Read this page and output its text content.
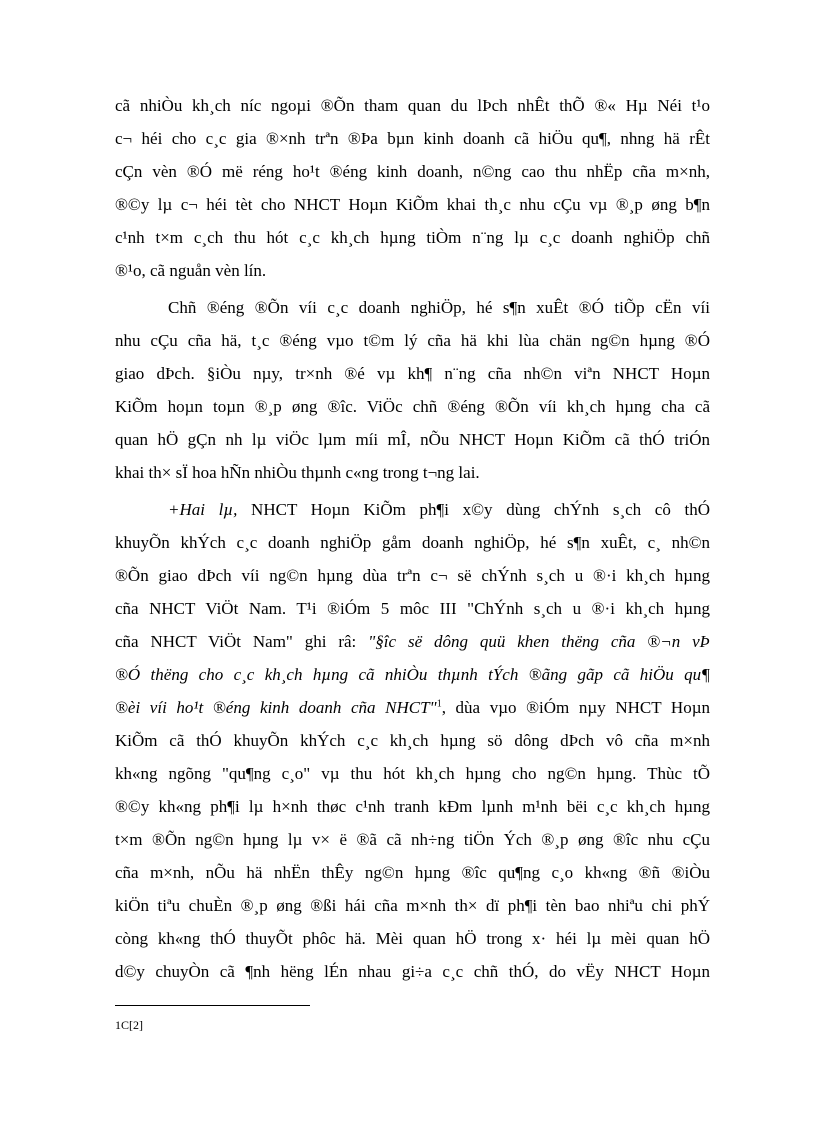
cã nhiÒu kh¸ch níc ngoµi ®Õn tham quan du lÞch nhÊt thÕ ®« Hµ Néi t¹o
c¬ héi cho c¸c gia ®×nh trªn ®Þa bµn kinh doanh cã hiÖu qu¶, nhng hä rÊt
cÇn vèn ®Ó më réng ho¹t ®éng kinh doanh, n©ng cao thu nhËp cña m×nh,
®©y lµ c¬ héi tèt cho NHCT Hoµn KiÕm khai th¸c nhu cÇu vµ ®¸p øng b¶n
c¹nh t×m c¸ch thu hót c¸c kh¸ch hµng tiÒm n¨ng lµ c¸c doanh nghiÖp chñ
®¹o, cã nguån vèn lín.
Chñ ®éng ®Õn víi c¸c doanh nghiÖp, hé s¶n xuÊt ®Ó tiÕp cËn víi
nhu cÇu cña hä, t¸c ®éng vµo t©m lý cña hä khi lùa chän ng©n hµng ®Ó
giao dÞch. §iÒu nµy, tr×nh ®é vµ kh¶ n¨ng cña nh©n viªn NHCT Hoµn
KiÕm hoµn toµn ®¸p øng ®îc. ViÖc chñ ®éng ®Õn víi kh¸ch hµng cha cã
quan hÖ gÇn nh lµ viÖc lµm míi mÎ, nÕu NHCT Hoµn KiÕm cã thÓ triÓn
khai th× sÏ hoa hÑn nhiÒu thµnh c«ng trong t¬ng lai.
+Hai lµ, NHCT Hoµn KiÕm ph¶i x©y dùng chÝnh s¸ch cô thÓ
khuyÕn khÝch c¸c doanh nghiÖp gåm doanh nghiÖp, hé s¶n xuÊt, c¸ nh©n
®Õn giao dÞch víi ng©n hµng dùa trªn c¬ së chÝnh s¸ch u ®·i kh¸ch hµng
cña NHCT ViÖt Nam. T¹i ®iÓm 5 môc III "ChÝnh s¸ch u ®·i kh¸ch hµng
cña NHCT ViÖt Nam" ghi râ: "§îc së dông quü khen thëng cña ®¬n vÞ
®Ó thëng cho c¸c kh¸ch hµng cã nhiÒu thµnh tÝch ®ãng gãp cã hiÖu qu¶
®èi víi ho¹t ®éng kinh doanh cña NHCT"$^1$, dùa vµo ®iÓm nµy NHCT Hoµn
KiÕm cã thÓ khuyÕn khÝch c¸c kh¸ch hµng sö dông dÞch vô cña m×nh
kh«ng ngõng "qu¶ng c¸o" vµ thu hót kh¸ch hµng cho ng©n hµng. Thùc tÕ
®©y kh«ng ph¶i lµ h×nh thøc c¹nh tranh kÐm lµnh m¹nh bëi c¸c kh¸ch hµng
t×m ®Õn ng©n hµng lµ v× ë ®ã cã nh÷ng tiÖn Ých ®¸p øng ®îc nhu cÇu
cña m×nh, nÕu hä nhËn thÊy ng©n hµng ®îc qu¶ng c¸o kh«ng ®ñ ®iÒu
kiÖn tiªu chuÈn ®¸p øng ®ßi hái cña m×nh th× dï ph¶i tèn bao nhiªu chi phÝ
còng kh«ng thÓ thuyÕt phôc hä. Mèi quan hÖ trong x· héi lµ mèi quan hÖ
d©y chuyÒn cã ¶nh hëng lÉn nhau gi÷a c¸c chñ thÓ, do vËy NHCT Hoµn
1C[2]
